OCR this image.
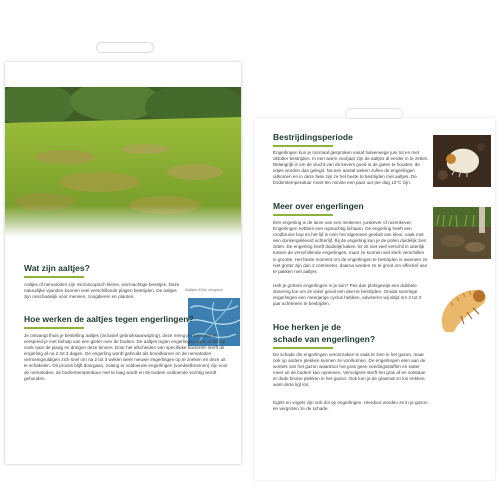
Aaltjes 400x vergroot
Wat zijn aaltjes?
Aaltjes of nematoden zijn microscopisch kleine, wormachtige beestjes. Deze natuurlijke vijanden kunnen veel verschillende plagen bestrijden. De aaltjes zijn onschadelijk voor mensen, zoogdieren en planten.
Hoe werken de aaltjes tegen engerlingen?
Je ontvangt thuis je bestelling aaltjes (inclusief gebruiksaanwijzing), deze meng je met water en verspreid je met behulp van een gieter over de bodem. De aaltjes tegen engerlingen gaan actief op zoek naar de plaag en dringen deze binnen. Door het afscheiden van specifieke bacteriën sterft de engerling af na 2 tot 3 dagen. De engerling wordt gebruikt als broedkamer en de nematoden vermenigvuldigen zich snel om na 2 tot 3 weken weer nieuwe engerlingen op te zoeken en deze uit te schakelen. Dit proces blijft doorgaan, zolang er voldoende engerlingen (voedselbronnen) zijn voor de nematoden, de bodemtemperatuur niet te laag wordt en de bodem voldoende vochtig wordt gehouden.
Bestrijdingsperiode
Engerlingen kun je normaal gesproken vanaf halverwege juni tot en met oktober bestrijden. In een warm voorjaar zijn de aaltjes al eerder in te zetten. Belangrijk is om de vlucht van de kevers goed in de gaten te houden, de eitjes worden dan gelegd. Na een aantal weken zullen de engerlingen uitkomen en in deze fase zijn ze het beste te bestrijden met aaltjes. De bodemtemperatuur moet ten minste een paar uur per dag 12°C zijn.
Meer over engerlingen
Een engerling is de larve van een meikever, junikever of rozenkever. Engerlingen hebben een rupsachtig lichaam. De engerling heeft een roodbruine kop en het lijf is over het algemeen geelwit van kleur, vaak met een donkergekleurd achterlijf. Bij de engerling kun je de poten duidelijk zien zitten. De engerling heeft duidelijk kaken. Er zit niet veel verschil in uiterlijk tussen de verschillende engerlingen, maar ze kunnen wel sterk verschillen in grootte. Het beste moment om de engerlingen te bestrijden is wanneer ze niet groter zijn dan 2 centimeter, daarna worden ze te groot om effectief aan te pakken met aaltjes.
Heb je grotere engerlingen in je tuin? Pas dan plotsgewijs een dubbele dosering toe om ze ieder geval een deel te bestrijden. Omdat sommige engerlingen een meerjarige cyclus hebben, adviseren wij altijd om 2 tot 3 jaar achtereen te bestrijden.
Hoe herken je de
schade van engerlingen?
De schade die engerlingen veroorzaken is vaak te zien in het gazon, maar ook op andere plekken kunnen ze voorkomen. De engerlingen eten aan de wortels van het gazon waardoor het gras geen voedingsstoffen en water meer uit de bodem kan opnemen. Vervolgens sterft het gras af en ontstaan er dode bruine plekken in het gazon. Ook kun je de grasmat zo los trekken, want deze ligt los.
Egels en vogels zijn ook dol op engerlingen. Hierdoor worden ze in je gazon en vergroten ze de schade.
